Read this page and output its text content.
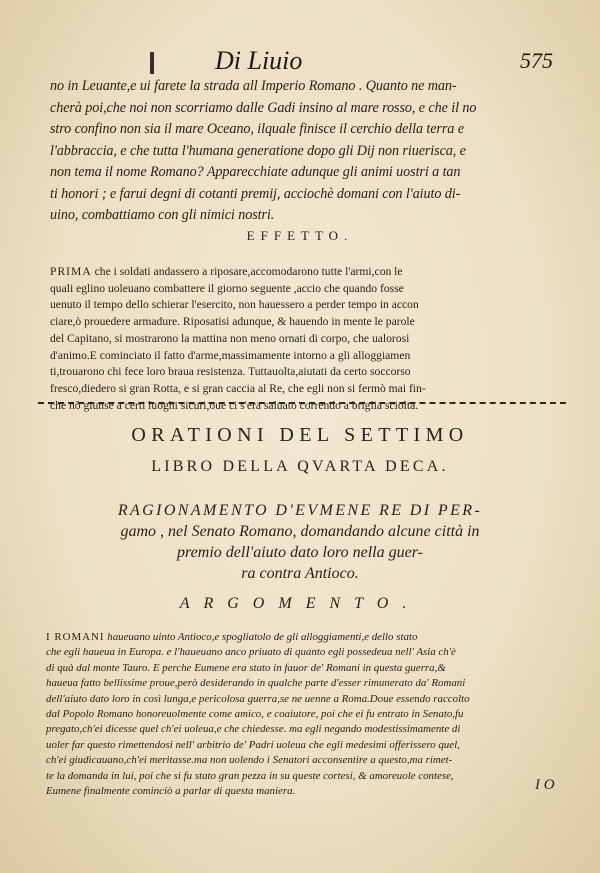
Di Liuio	575
no in Leuante,e ui farete la strada all Imperio Romano . Quanto ne man-
cherà poi,che noi non scorriamo dalle Gadi insino al mare rosso, e che il no
stro confino non sia il mare Oceano, ilquale finisce il cerchio della terra e
l'abbraccia, e che tutta l'humana generatione dopo gli Dij non riuerisca, e
non tema il nome Romano? Apparecchiate adunque gli animi uostri a tan
ti honori ; e farui degni di cotanti premij, acciochè domani con l'aiuto di-
uino, combattiamo con gli nimici nostri.
EFFETTO.
PRIMA che i soldati andassero a riposare,accomodarono tutte l'armi,con le
quali eglino uoleuano combattere il giorno seguente ,accio che quando fosse
uenuto il tempo dello schierar l'esercito, non hauessero a perder tempo in accon
ciare,ò prouedere armadure. Riposatisi adunque, & hauendo in mente le parole
del Capitano, si mostrarono la mattina non meno ornati di corpo, che ualorosi
d'animo.E cominciato il fatto d'arme,massimamente intorno a gli alloggiamen
ti,trouarono chi fece loro braua resistenza. Tuttauolta,aiutati da certo soccorso
fresco,diedero si gran Rotta, e si gran caccia al Re, che egli non si fermò mai fin-
che nô giunse a certi luoghi sicuri,oue ci s'era saluato correndo a briglia sciolta.
ORATIONI DEL SETTIMO
LIBRO DELLA QVARTA DECA.
RAGIONAMENTO D'EVMENE RE DI PER-
gamo , nel Senato Romano, domandando alcune città in
premio dell'aiuto dato loro nella guer-
ra contra Antioco.
ARGOMENTO.
I ROMANI haueuano uinto Antioco,e spogliatolo de gli alloggiamenti,e dello stato
che egli haueua in Europa. e l'haueuano anco priuato di quanto egli possedeua nell' Asia ch'è
di quà dal monte Tauro. E perche Eumene era stato in fauor de' Romani in questa guerra,&
haueua fatto bellissime proue,però desiderando in qualche parte d'esser rimunerato da' Romani
dell'aiuto dato loro in così lunga,e pericolosa guerra,se ne uenne a Roma.Doue essendo raccolto
dal Popolo Romano honoreuolmente come amico, e coaiutore, poi che ei fu entrato in Senato,fu
pregato,ch'ei dicesse quel ch'ei uoleua,e che chiedesse. ma egli negando modestissimamente di
uoler far questo rimettendosi nell' arbitrio de' Padri uoleua che egli medesimi offerissero quel,
ch'ei giudicauano,ch'ei meritasse.ma non uolendo i Senatori acconsentire a questo,ma rimet-
te la domanda in lui, poi che si fu stato gran pezza in su queste cortesi, & amoreuole contese,
Eumene finalmente cominciò a parlar di questa maniera.	I O
